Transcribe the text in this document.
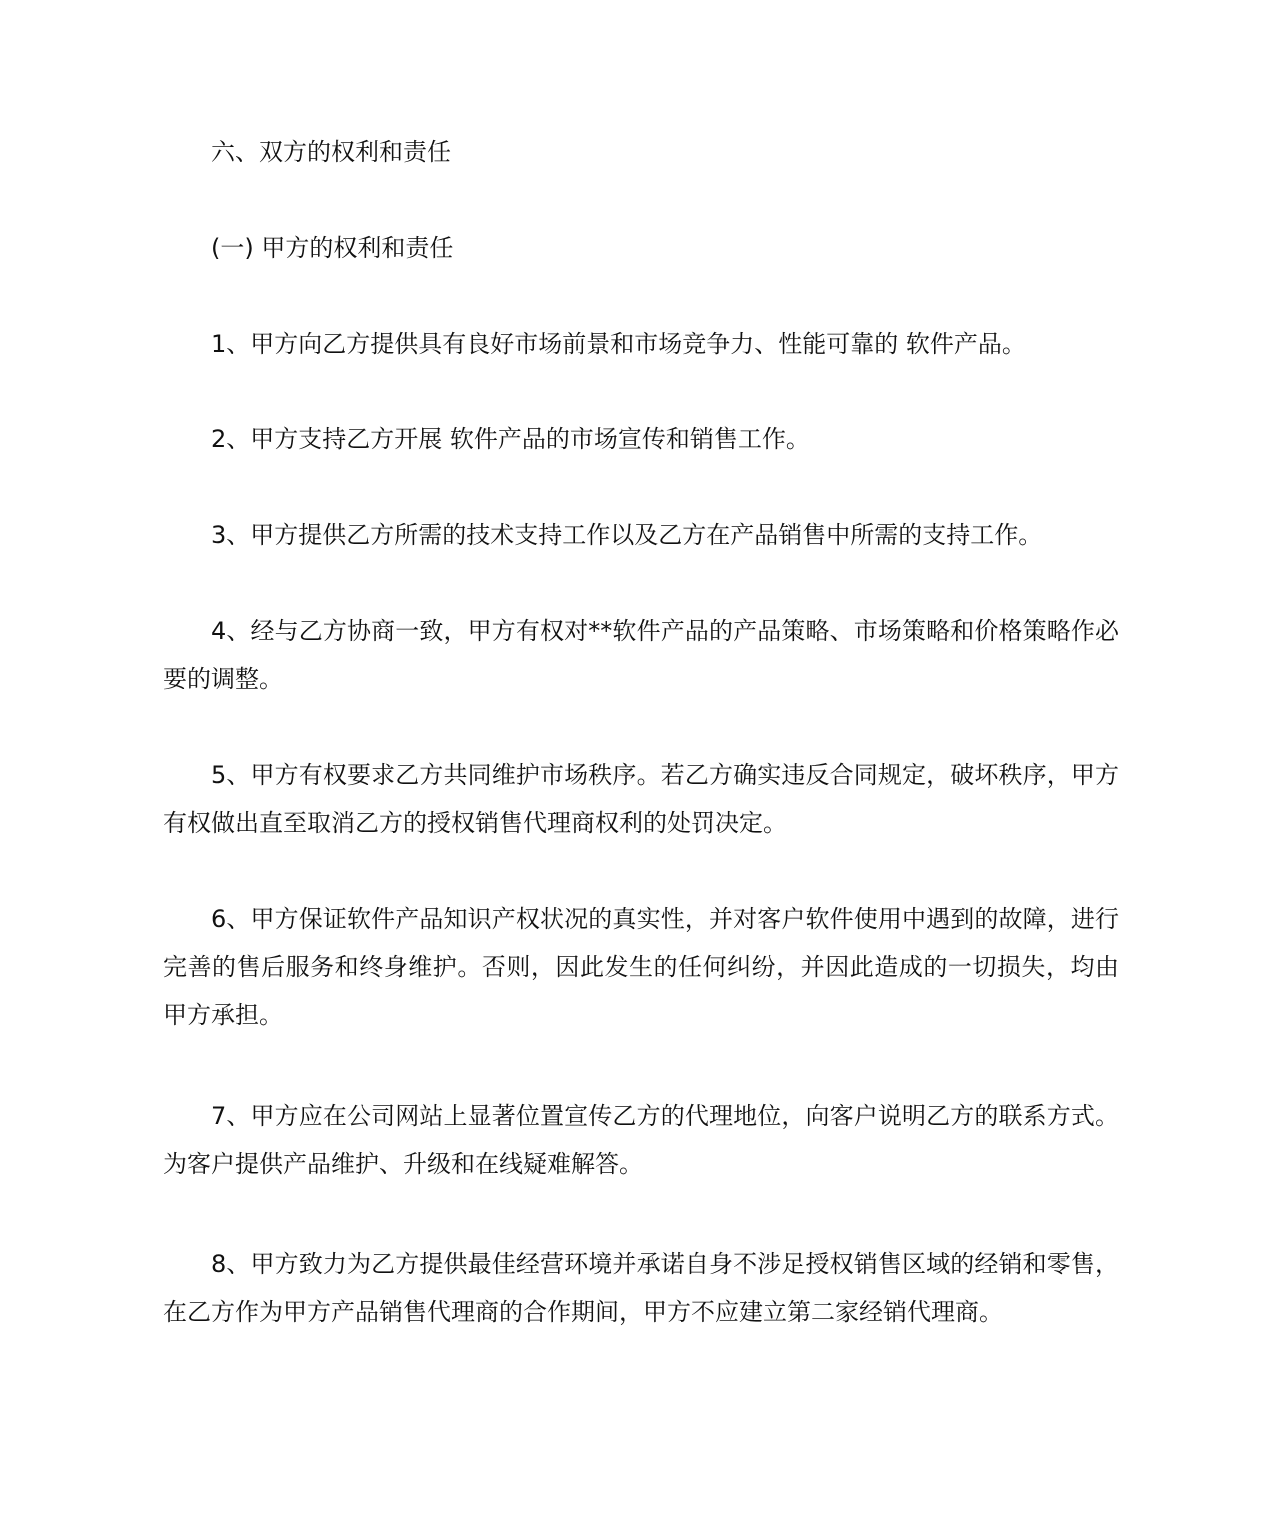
六、双方的权利和责任

(一) 甲方的权利和责任

1、甲方向乙方提供具有良好市场前景和市场竞争力、性能可靠的 软件产品。

2、甲方支持乙方开展 软件产品的市场宣传和销售工作。

3、甲方提供乙方所需的技术支持工作以及乙方在产品销售中所需的支持工作。

4、经与乙方协商一致，甲方有权对**软件产品的产品策略、市场策略和价格策略作必要的调整。

5、甲方有权要求乙方共同维护市场秩序。若乙方确实违反合同规定，破坏秩序，甲方有权做出直至取消乙方的授权销售代理商权利的处罚决定。

6、甲方保证软件产品知识产权状况的真实性，并对客户软件使用中遇到的故障，进行完善的售后服务和终身维护。否则，因此发生的任何纠纷，并因此造成的一切损失，均由甲方承担。

7、甲方应在公司网站上显著位置宣传乙方的代理地位，向客户说明乙方的联系方式。为客户提供产品维护、升级和在线疑难解答。

8、甲方致力为乙方提供最佳经营环境并承诺自身不涉足授权销售区域的经销和零售，在乙方作为甲方产品销售代理商的合作期间，甲方不应建立第二家经销代理商。
